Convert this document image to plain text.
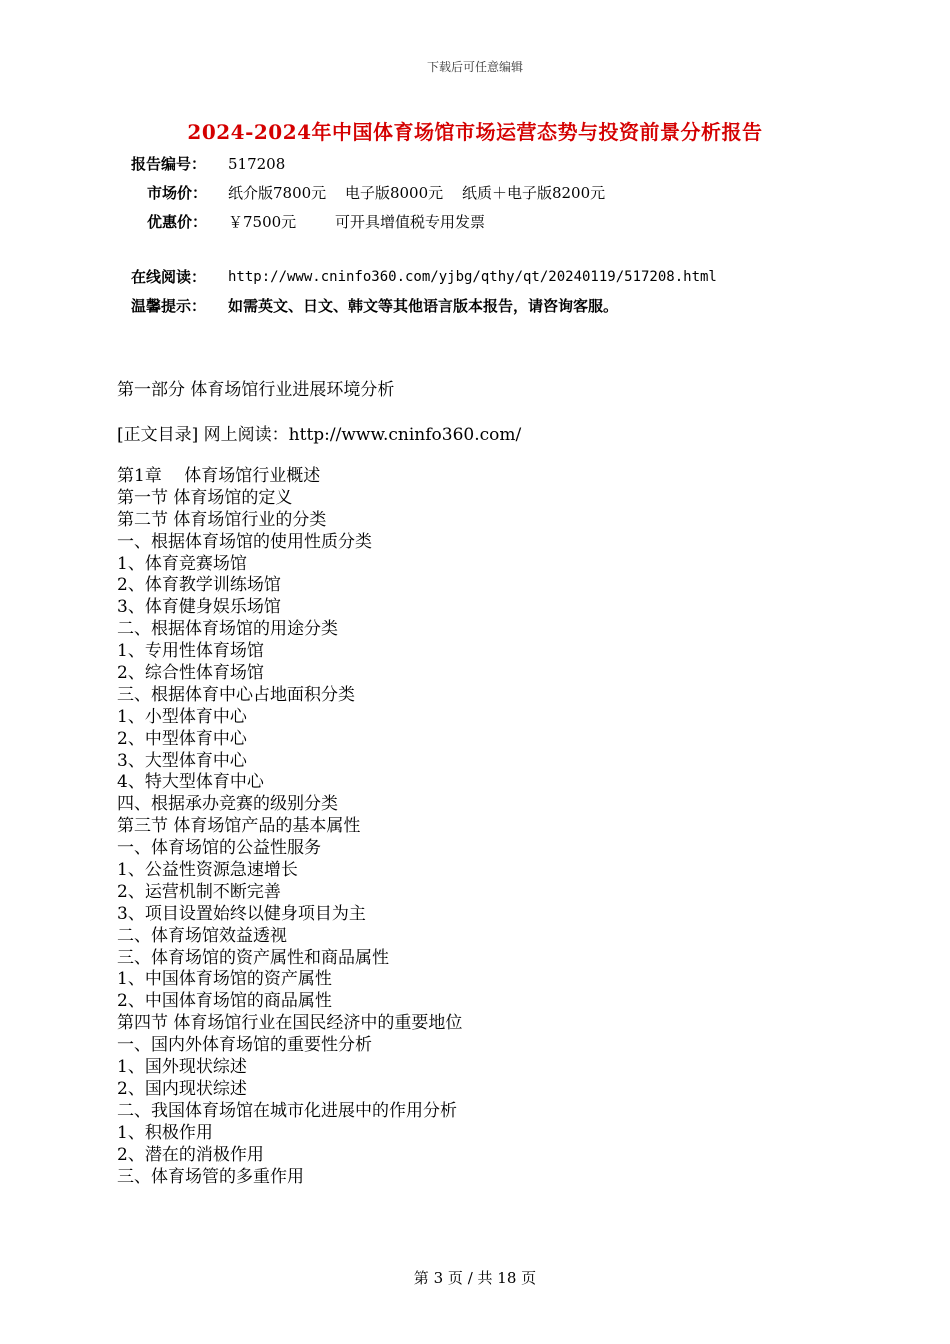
下载后可任意编辑
2024-2024年中国体育场馆市场运营态势与投资前景分析报告
报告编号： 517208
市场价： 纸介版7800元 电子版8000元 纸质＋电子版8200元
优惠价： ￥7500元	可开具增值税专用发票
在线阅读：	http://www.cninfo360.com/yjbg/qthy/qt/20240119/517208.html
温馨提示：	如需英文、日文、韩文等其他语言版本报告，请咨询客服。
第一部分 体育场馆行业进展环境分析
[正文目录] 网上阅读：http://www.cninfo360.com/
第1章　 体育场馆行业概述
第一节 体育场馆的定义
第二节 体育场馆行业的分类
一、根据体育场馆的使用性质分类
1、体育竞赛场馆
2、体育教学训练场馆
3、体育健身娱乐场馆
二、根据体育场馆的用途分类
1、专用性体育场馆
2、综合性体育场馆
三、根据体育中心占地面积分类
1、小型体育中心
2、中型体育中心
3、大型体育中心
4、特大型体育中心
四、根据承办竞赛的级别分类
第三节 体育场馆产品的基本属性
一、体育场馆的公益性服务
1、公益性资源急速增长
2、运营机制不断完善
3、项目设置始终以健身项目为主
二、体育场馆效益透视
三、体育场馆的资产属性和商品属性
1、中国体育场馆的资产属性
2、中国体育场馆的商品属性
第四节 体育场馆行业在国民经济中的重要地位
一、国内外体育场馆的重要性分析
1、国外现状综述
2、国内现状综述
二、我国体育场馆在城市化进展中的作用分析
1、积极作用
2、潜在的消极作用
三、体育场管的多重作用
第 3 页 / 共 18 页
